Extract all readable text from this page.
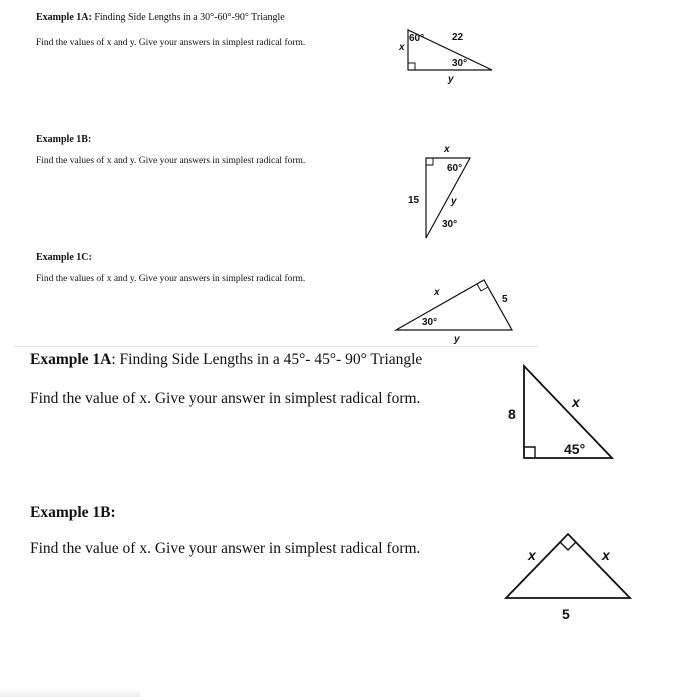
Example 1A: Finding Side Lengths in a 30°-60°-90° Triangle
Find the values of x and y. Give your answers in simplest radical form.	60°	22
30°
x
y
Example 1B:
Find the values of x and y. Give your answers in simplest radical form.
x
60°
15	y
30°
Example 1C:
Find the values of x and y. Give your answers in simplest radical form.
x
5
30°
y
Example 1A: Finding Side Lengths in a 45°- 45°- 90° Triangle
Find the value of x. Give your answer in simplest radical form.
8
x
45°
Example 1B:
Find the value of x. Give your answer in simplest radical form.	x	x
5
